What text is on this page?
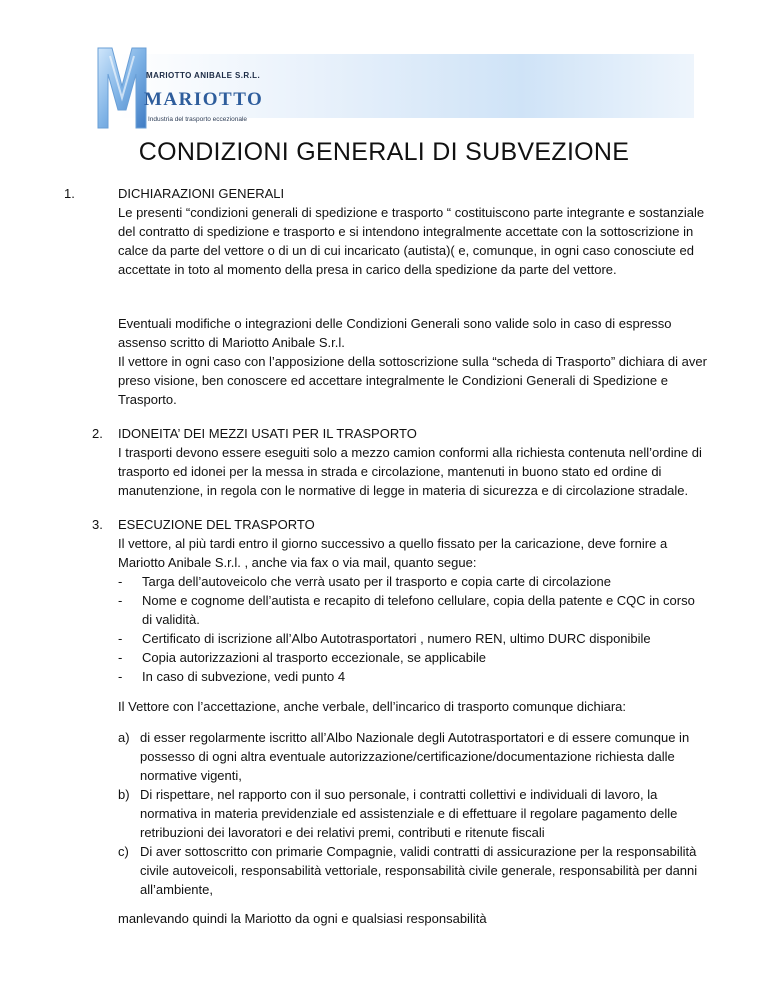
MARIOTTO ANIBALE S.R.L.
MARIOTTO
Industria del trasporto eccezionale
CONDIZIONI GENERALI DI SUBVEZIONE
1.	DICHIARAZIONI GENERALI
Le presenti “condizioni generali di spedizione e trasporto “ costituiscono parte integrante e sostanziale del contratto di spedizione e trasporto e si intendono integralmente accettate con la sottoscrizione in calce da parte del vettore o di un di cui incaricato (autista)( e, comunque, in ogni caso conosciute ed accettate in toto al momento della presa in carico della spedizione da parte del vettore.
Eventuali modifiche o integrazioni delle Condizioni Generali sono valide solo in caso di espresso assenso scritto di Mariotto Anibale S.r.l.
Il vettore in ogni caso con l’apposizione della sottoscrizione sulla “scheda di Trasporto” dichiara di aver preso visione, ben conoscere ed accettare integralmente le Condizioni Generali di Spedizione e Trasporto.
2. IDONEITA’ DEI MEZZI USATI PER IL TRASPORTO
I trasporti devono essere eseguiti solo a mezzo camion conformi alla richiesta contenuta nell’ordine di trasporto ed idonei per la messa in strada e circolazione, mantenuti in buono stato ed ordine di manutenzione, in regola con le normative di legge in materia di sicurezza e di circolazione stradale.
3. ESECUZIONE DEL TRASPORTO
Il vettore, al più tardi entro il giorno successivo a quello fissato per la caricazione, deve fornire a Mariotto Anibale S.r.l. , anche via fax o via mail, quanto segue:
- Targa dell’autoveicolo che verrà usato per il trasporto e copia carte di circolazione
- Nome e cognome dell’autista e recapito di telefono cellulare, copia della patente e CQC in corso di validità.
- Certificato di iscrizione all’Albo Autotrasportatori , numero REN, ultimo DURC disponibile
- Copia autorizzazioni al trasporto eccezionale, se applicabile
- In caso di subvezione, vedi punto 4
Il Vettore con l’accettazione, anche verbale, dell’incarico di trasporto comunque dichiara:
a) di esser regolarmente iscritto all’Albo Nazionale degli Autotrasportatori e di essere comunque in possesso di ogni altra eventuale autorizzazione/certificazione/documentazione richiesta dalle normative vigenti,
b) Di rispettare, nel rapporto con il suo personale, i contratti collettivi e individuali di lavoro, la normativa in materia previdenziale ed assistenziale e di effettuare il regolare pagamento delle retribuzioni dei lavoratori e dei relativi premi, contributi e ritenute fiscali
c) Di aver sottoscritto con primarie Compagnie, validi contratti di assicurazione per la responsabilità civile autoveicoli, responsabilità vettoriale, responsabilità civile generale, responsabilità per danni all’ambiente,
manlevando quindi la Mariotto da ogni e qualsiasi responsabilità
